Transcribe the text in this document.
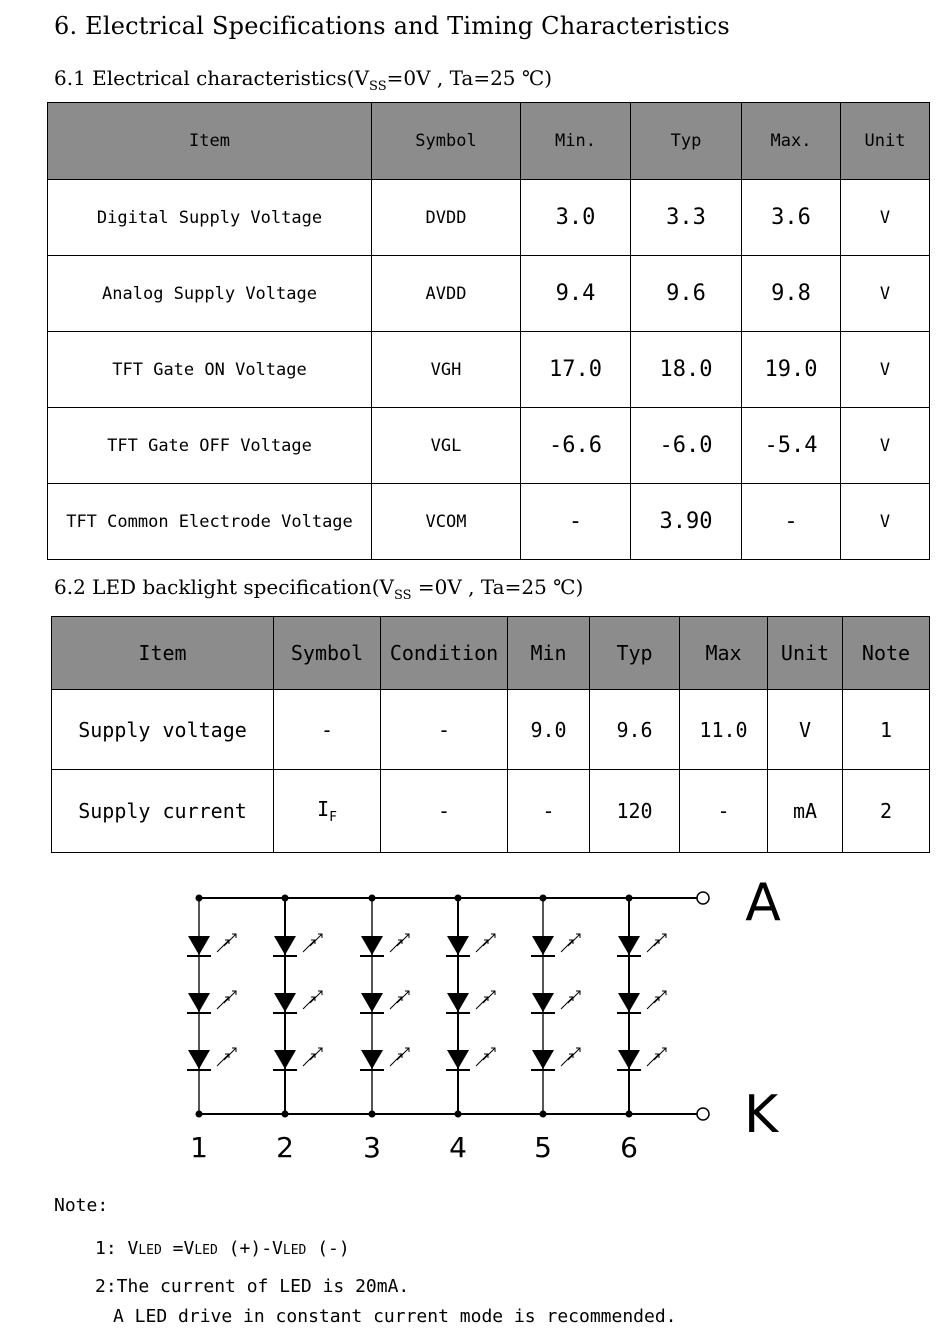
6. Electrical Specifications and Timing Characteristics
6.1 Electrical $characteristics(V_{SS}=0V$ , Ta=25 ℃)
Item	Symbol	Min.	Typ	Max.	Unit
Digital Supply Voltage	DVDD	3.0	3.3	3.6	V
Analog Supply Voltage	AVDD	9.4	9.6	9.8	V
TFT Gate ON Voltage	VGH	17.0	18.0	19.0	V
TFT Gate OFF Voltage	VGL	-6.6	-6.0	-5.4	V
TFT Common Electrode Voltage	VCOM	-	3.90	-	V
6.2 LED backlight $specification(V_{SS} =0V$ , Ta=25 ℃)
Item	Symbol	Condition	Min	Typ	Max	Unit	Note
Supply voltage	-	-	9.0	9.6	11.0	V	1
Supply current	$I_F$	-	-	120	-	mA	2
A
K
1 2 3 4 5 6
Note:
1: VLED =VLED (+)-VLED (-)
2:The current of LED is 20mA.
A LED drive in constant current mode is recommended.
